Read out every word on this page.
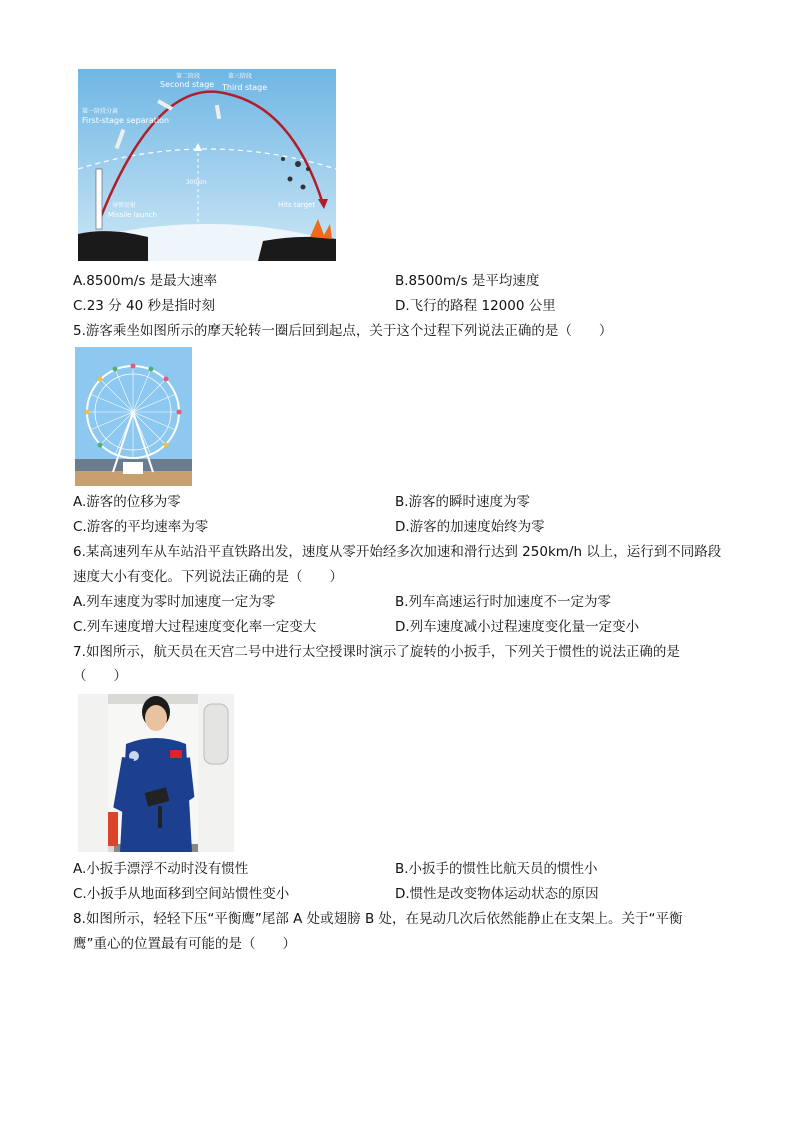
第一阶段分离
First-stage separation
第二阶段
Second stage
第三阶段
Third stage
300km
导弹发射
Missile launch
Hits target
A.8500m/s 是最大速率	B.8500m/s 是平均速度
C.23 分 40 秒是指时刻	D.飞行的路程 12000 公里
5.游客乘坐如图所示的摩天轮转一圈后回到起点，关于这个过程下列说法正确的是（　　）
A.游客的位移为零	B.游客的瞬时速度为零
C.游客的平均速率为零	D.游客的加速度始终为零
6.某高速列车从车站沿平直铁路出发，速度从零开始经多次加速和滑行达到 250km/h 以上，运行到不同路段
速度大小有变化。下列说法正确的是（　　）
A.列车速度为零时加速度一定为零	B.列车高速运行时加速度不一定为零
C.列车速度增大过程速度变化率一定变大	D.列车速度减小过程速度变化量一定变小
7.如图所示，航天员在天宫二号中进行太空授课时演示了旋转的小扳手，下列关于惯性的说法正确的是
（　　）
A.小扳手漂浮不动时没有惯性	B.小扳手的惯性比航天员的惯性小
C.小扳手从地面移到空间站惯性变小	D.惯性是改变物体运动状态的原因
8.如图所示，轻轻下压“平衡鹰”尾部 A 处或翅膀 B 处，在晃动几次后依然能静止在支架上。关于“平衡
鹰”重心的位置最有可能的是（　　）
